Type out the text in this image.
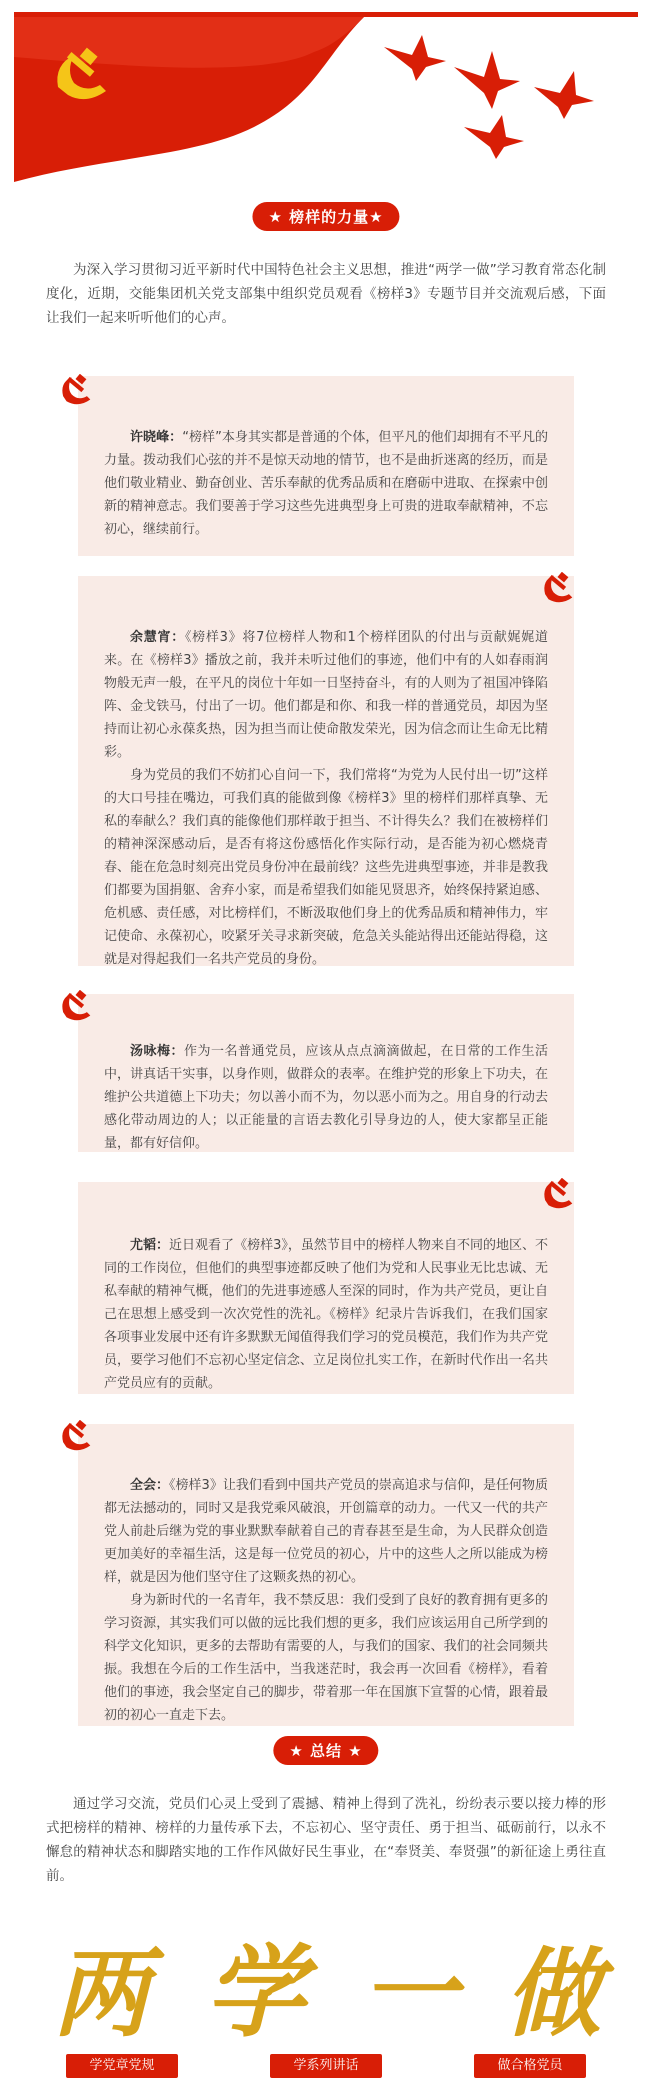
★ 榜样的力量★

为深入学习贯彻习近平新时代中国特色社会主义思想，推进“两学一做”学习教育常态化制度化，近期，交能集团机关党支部集中组织党员观看《榜样3》专题节目并交流观后感，下面让我们一起来听听他们的心声。

许晓峰：“榜样”本身其实都是普通的个体，但平凡的他们却拥有不平凡的力量。拨动我们心弦的并不是惊天动地的情节，也不是曲折迷离的经历，而是他们敬业精业、勤奋创业、苦乐奉献的优秀品质和在磨砺中进取、在探索中创新的精神意志。我们要善于学习这些先进典型身上可贵的进取奉献精神，不忘初心，继续前行。

余慧宵：《榜样3》将7位榜样人物和1个榜样团队的付出与贡献娓娓道来。在《榜样3》播放之前，我并未听过他们的事迹，他们中有的人如春雨润物般无声一般，在平凡的岗位十年如一日坚持奋斗，有的人则为了祖国冲锋陷阵、金戈铁马，付出了一切。他们都是和你、和我一样的普通党员，却因为坚持而让初心永葆炙热，因为担当而让使命散发荣光，因为信念而让生命无比精彩。

身为党员的我们不妨扪心自问一下，我们常将“为党为人民付出一切”这样的大口号挂在嘴边，可我们真的能做到像《榜样3》里的榜样们那样真挚、无私的奉献么？我们真的能像他们那样敢于担当、不计得失么？我们在被榜样们的精神深深感动后，是否有将这份感悟化作实际行动，是否能为初心燃烧青春、能在危急时刻亮出党员身份冲在最前线？这些先进典型事迹，并非是教我们都要为国捐躯、舍弃小家，而是希望我们如能见贤思齐，始终保持紧迫感、危机感、责任感，对比榜样们，不断汲取他们身上的优秀品质和精神伟力，牢记使命、永葆初心，咬紧牙关寻求新突破，危急关头能站得出还能站得稳，这就是对得起我们一名共产党员的身份。

汤咏梅：作为一名普通党员，应该从点点滴滴做起，在日常的工作生活中，讲真话干实事，以身作则，做群众的表率。在维护党的形象上下功夫，在维护公共道德上下功夫；勿以善小而不为，勿以恶小而为之。用自身的行动去感化带动周边的人；以正能量的言语去教化引导身边的人，使大家都呈正能量，都有好信仰。

尤韬：近日观看了《榜样3》，虽然节目中的榜样人物来自不同的地区、不同的工作岗位，但他们的典型事迹都反映了他们为党和人民事业无比忠诚、无私奉献的精神气概，他们的先进事迹感人至深的同时，作为共产党员，更让自己在思想上感受到一次次党性的洗礼。《榜样》纪录片告诉我们，在我们国家各项事业发展中还有许多默默无闻值得我们学习的党员模范，我们作为共产党员，要学习他们不忘初心坚定信念、立足岗位扎实工作，在新时代作出一名共产党员应有的贡献。

全会：《榜样3》让我们看到中国共产党员的崇高追求与信仰，是任何物质都无法撼动的，同时又是我党乘风破浪，开创篇章的动力。一代又一代的共产党人前赴后继为党的事业默默奉献着自己的青春甚至是生命，为人民群众创造更加美好的幸福生活，这是每一位党员的初心，片中的这些人之所以能成为榜样，就是因为他们坚守住了这颗炙热的初心。

身为新时代的一名青年，我不禁反思：我们受到了良好的教育拥有更多的学习资源，其实我们可以做的远比我们想的更多，我们应该运用自己所学到的科学文化知识，更多的去帮助有需要的人，与我们的国家、我们的社会同频共振。我想在今后的工作生活中，当我迷茫时，我会再一次回看《榜样》，看着他们的事迹，我会坚定自己的脚步，带着那一年在国旗下宣誓的心情，跟着最初的初心一直走下去。

★ 总结 ★

通过学习交流，党员们心灵上受到了震撼、精神上得到了洗礼，纷纷表示要以接力棒的形式把榜样的精神、榜样的力量传承下去，不忘初心、坚守责任、勇于担当、砥砺前行，以永不懈怠的精神状态和脚踏实地的工作作风做好民生事业，在“奉贤美、奉贤强”的新征途上勇往直前。

两 学 一 做
学党章党规	学系列讲话	做合格党员
